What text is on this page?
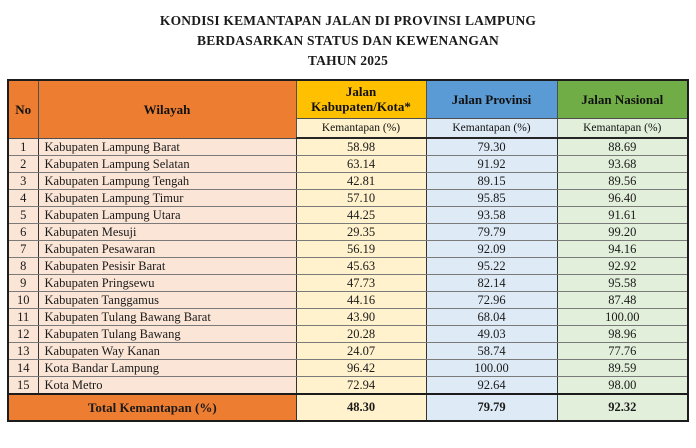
KONDISI KEMANTAPAN JALAN DI PROVINSI LAMPUNG
BERDASARKAN STATUS DAN KEWENANGAN
TAHUN 2025
No	Wilayah	Jalan Kabupaten/Kota*	Jalan Provinsi	Jalan Nasional
		Kemantapan (%)	Kemantapan (%)	Kemantapan (%)
1	Kabupaten Lampung Barat	58.98	79.30	88.69
2	Kabupaten Lampung Selatan	63.14	91.92	93.68
3	Kabupaten Lampung Tengah	42.81	89.15	89.56
4	Kabupaten Lampung Timur	57.10	95.85	96.40
5	Kabupaten Lampung Utara	44.25	93.58	91.61
6	Kabupaten Mesuji	29.35	79.79	99.20
7	Kabupaten Pesawaran	56.19	92.09	94.16
8	Kabupaten Pesisir Barat	45.63	95.22	92.92
9	Kabupaten Pringsewu	47.73	82.14	95.58
10	Kabupaten Tanggamus	44.16	72.96	87.48
11	Kabupaten Tulang Bawang Barat	43.90	68.04	100.00
12	Kabupaten Tulang Bawang	20.28	49.03	98.96
13	Kabupaten Way Kanan	24.07	58.74	77.76
14	Kota Bandar Lampung	96.42	100.00	89.59
15	Kota Metro	72.94	92.64	98.00
Total Kemantapan (%)		48.30	79.79	92.32
